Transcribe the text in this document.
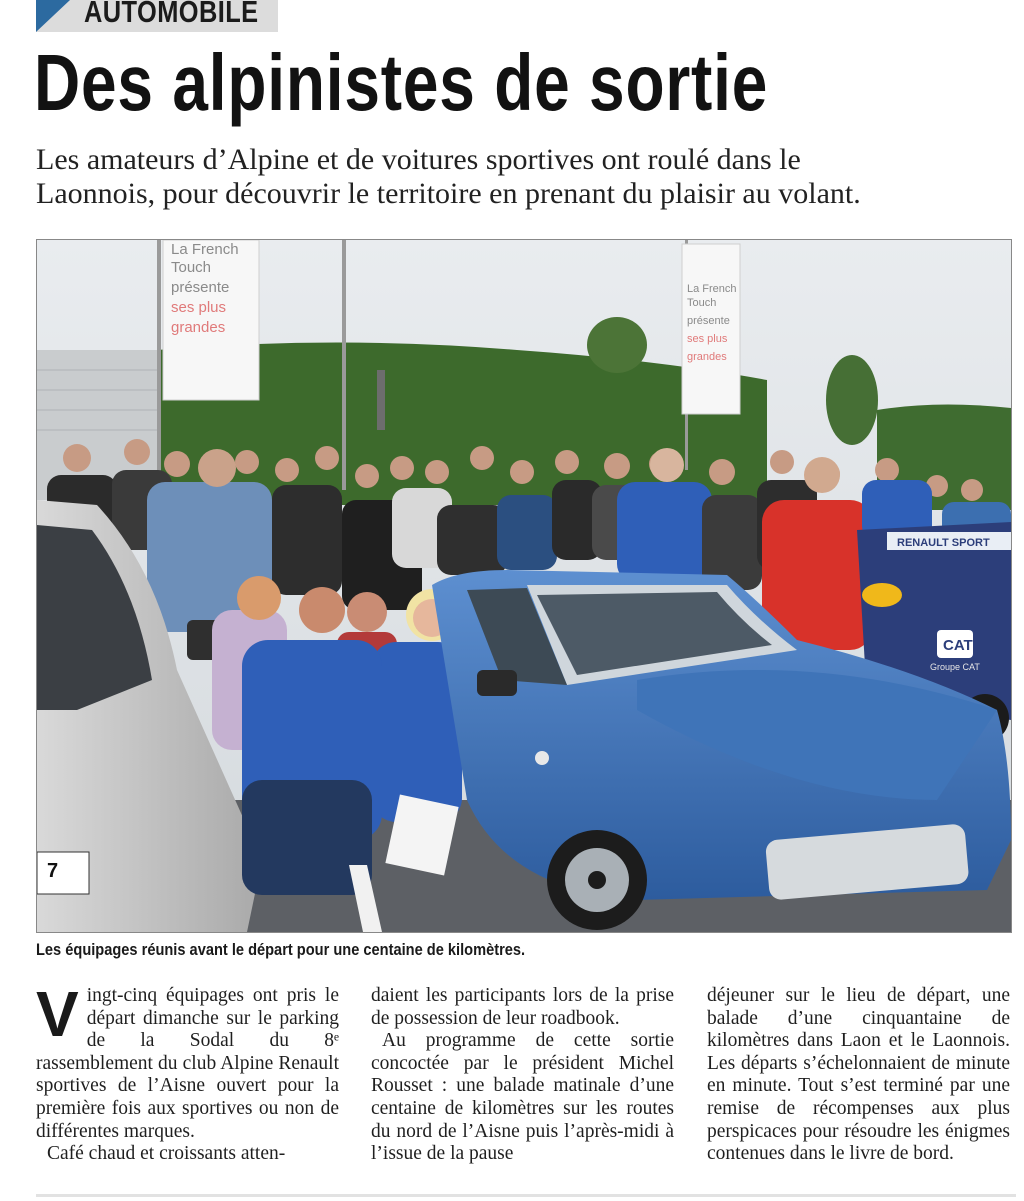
AUTOMOBILE
Des alpinistes de sortie

Les amateurs d’Alpine et de voitures sportives ont roulé dans le
Laonnois, pour découvrir le territoire en prenant du plaisir au volant.

La French
Touch
présente
ses plus
grandes
La French
Touch
présente
ses plus
grandes
RENAULT SPORT
CAT
Groupe CAT
7
Les équipages réunis avant le départ pour une centaine de kilomètres.

Vingt-cinq équipages ont pris le départ dimanche sur le parking de la Sodal du 8ᵉ rassemblement du club Alpine Renault sportives de l’Aisne ouvert pour la première fois aux sportives ou non de différentes marques.

Café chaud et croissants atten-

daient les participants lors de la prise de possession de leur roadbook.

Au programme de cette sortie concoctée par le président Michel Rousset : une balade matinale d’une centaine de kilomètres sur les routes du nord de l’Aisne puis l’après-midi à l’issue de la pause

déjeuner sur le lieu de départ, une balade d’une cinquantaine de kilomètres dans Laon et le Laonnois. Les départs s’échelonnaient de minute en minute. Tout s’est terminé par une remise de récompenses aux plus perspicaces pour résoudre les énigmes contenues dans le livre de bord.
